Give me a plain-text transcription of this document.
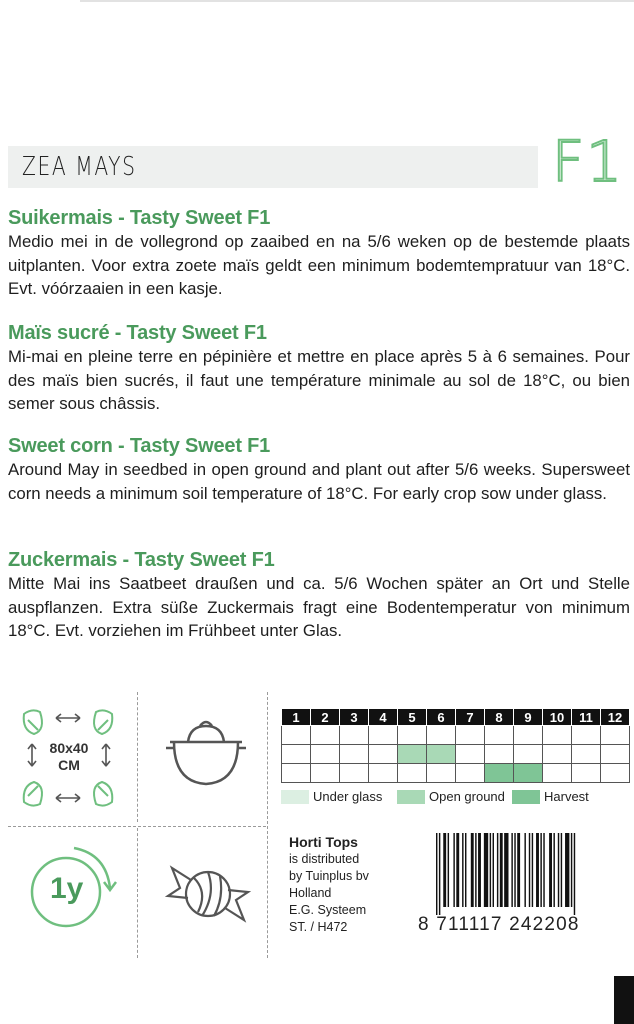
ZEA MAYS	F1
Suikermais - Tasty Sweet F1

Medio mei in de vollegrond op zaaibed en na 5/6 weken op de bestemde plaats uitplanten. Voor extra zoete maïs geldt een minimum bodemtempratuur van 18°C. Evt. vóórzaaien in een kasje.

Maïs sucré - Tasty Sweet F1

Mi-mai en pleine terre en pépinière et mettre en place après 5 à 6 semaines. Pour des maïs bien sucrés, il faut une température minimale au sol de 18°C, ou bien semer sous châssis.

Sweet corn - Tasty Sweet F1

Around May in seedbed in open ground and plant out after 5/6 weeks. Supersweet corn needs a minimum soil temperature of 18°C. For early crop sow under glass.

Zuckermais - Tasty Sweet F1

Mitte Mai ins Saatbeet draußen und ca. 5/6 Wochen später an Ort und Stelle auspflanzen. Extra süße Zuckermais fragt eine Bodentemperatur von minimum 18°C. Evt. vorziehen im Frühbeet unter Glas.

80x40
CM
1y
1	2	3	4	5	6	7	8	9	10	11	12

Under glass	Open ground	Harvest
Horti Tops
is distributed
by Tuinplus bv
Holland
E.G. Systeem
ST. / H472	8 711117 242208
